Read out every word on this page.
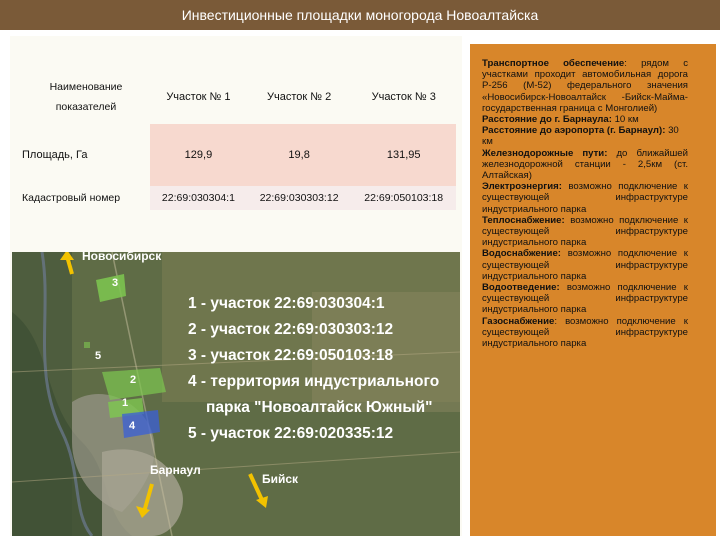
Инвестиционные площадки моногорода Новоалтайска
Наименование показателей	Участок № 1	Участок № 2	Участок № 3
Площадь, Га	129,9	19,8	131,95
Кадастровый номер	22:69:030304:1	22:69:030303:12	22:69:050103:18
Новосибирск
Барнаул
Бийск
3
5
2
1
4
1 - участок 22:69:030304:1
2 - участок 22:69:030303:12
3 - участок 22:69:050103:18
4 - территория индустриального
парка "Новоалтайск Южный"
5 - участок 22:69:020335:12
Транспортное обеспечение: рядом с участками проходит автомобильная дорога Р-256 (М-52) федерального значения «Новосибирск-Новоалтайск -Бийск-Майма-государственная граница с Монголией)
Расстояние до г. Барнаула: 10 км
Расстояние до аэропорта (г. Барнаул): 30 км
Железнодорожные пути: до ближайшей железнодорожной станции - 2,5км (ст. Алтайская)
Электроэнергия: возможно подключение к существующей инфраструктуре индустриального парка
Теплоснабжение: возможно подключение к существующей инфраструктуре индустриального парка
Водоснабжение: возможно подключение к существующей инфраструктуре индустриального парка
Водоотведение: возможно подключение к существующей инфраструктуре индустриального парка
Газоснабжение: возможно подключение к существующей инфраструктуре индустриального парка
